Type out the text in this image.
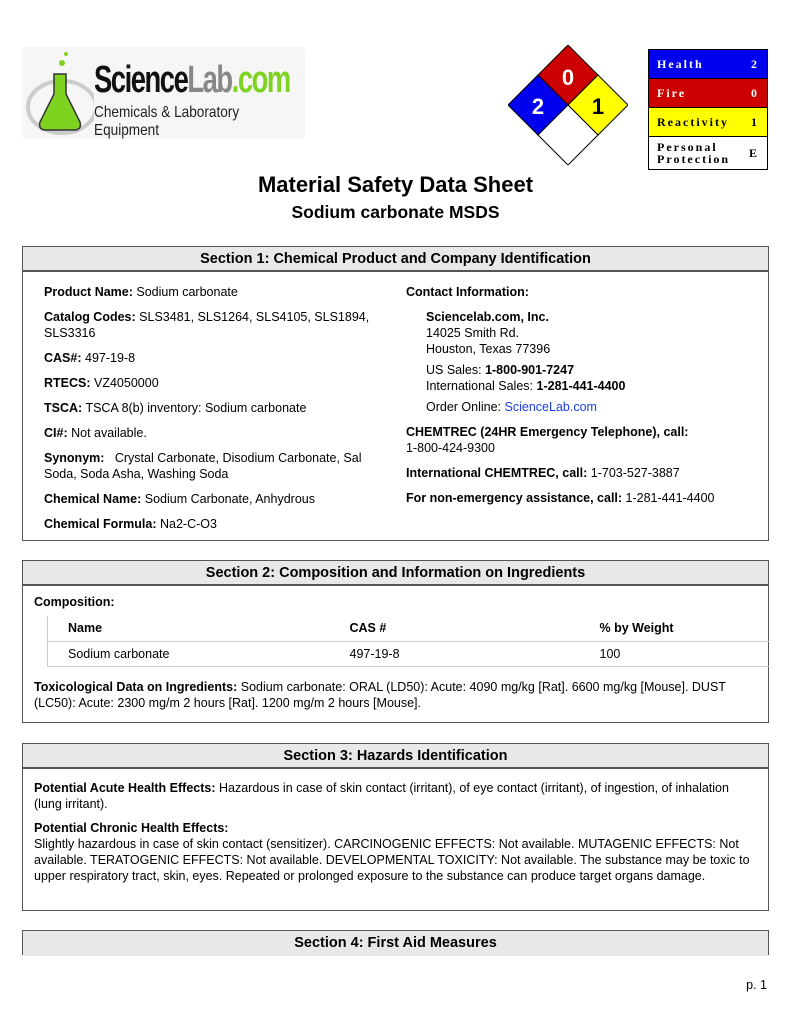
ScienceLab.com
Chemicals & Laboratory Equipment
0
2 1
Health	2
Fire	0
Reactivity 1
Personal Protection	E
Material Safety Data Sheet
Sodium carbonate MSDS
Section 1: Chemical Product and Company Identification

Product Name: Sodium carbonate

Catalog Codes: SLS3481, SLS1264, SLS4105, SLS1894, SLS3316

CAS#: 497-19-8

RTECS: VZ4050000

TSCA: TSCA 8(b) inventory: Sodium carbonate

CI#: Not available.

Synonym:   Crystal Carbonate, Disodium Carbonate, Sal Soda, Soda Asha, Washing Soda

Chemical Name: Sodium Carbonate, Anhydrous

Chemical Formula: Na2-C-O3

Contact Information:

Sciencelab.com, Inc.
14025 Smith Rd.
Houston, Texas 77396
US Sales: 1-800-901-7247
International Sales: 1-281-441-4400

Order Online: ScienceLab.com

CHEMTREC (24HR Emergency Telephone), call:
1-800-424-9300

International CHEMTREC, call: 1-703-527-3887

For non-emergency assistance, call: 1-281-441-4400

Section 2: Composition and Information on Ingredients

Composition:

Name	CAS #	% by Weight
Sodium carbonate	497-19-8	100

Toxicological Data on Ingredients: Sodium carbonate: ORAL (LD50): Acute: 4090 mg/kg [Rat]. 6600 mg/kg [Mouse]. DUST (LC50): Acute: 2300 mg/m 2 hours [Rat]. 1200 mg/m 2 hours [Mouse].

Section 3: Hazards Identification

Potential Acute Health Effects: Hazardous in case of skin contact (irritant), of eye contact (irritant), of ingestion, of inhalation (lung irritant).

Potential Chronic Health Effects:
Slightly hazardous in case of skin contact (sensitizer). CARCINOGENIC EFFECTS: Not available. MUTAGENIC EFFECTS: Not available. TERATOGENIC EFFECTS: Not available. DEVELOPMENTAL TOXICITY: Not available. The substance may be toxic to upper respiratory tract, skin, eyes. Repeated or prolonged exposure to the substance can produce target organs damage.

Section 4: First Aid Measures
p. 1
